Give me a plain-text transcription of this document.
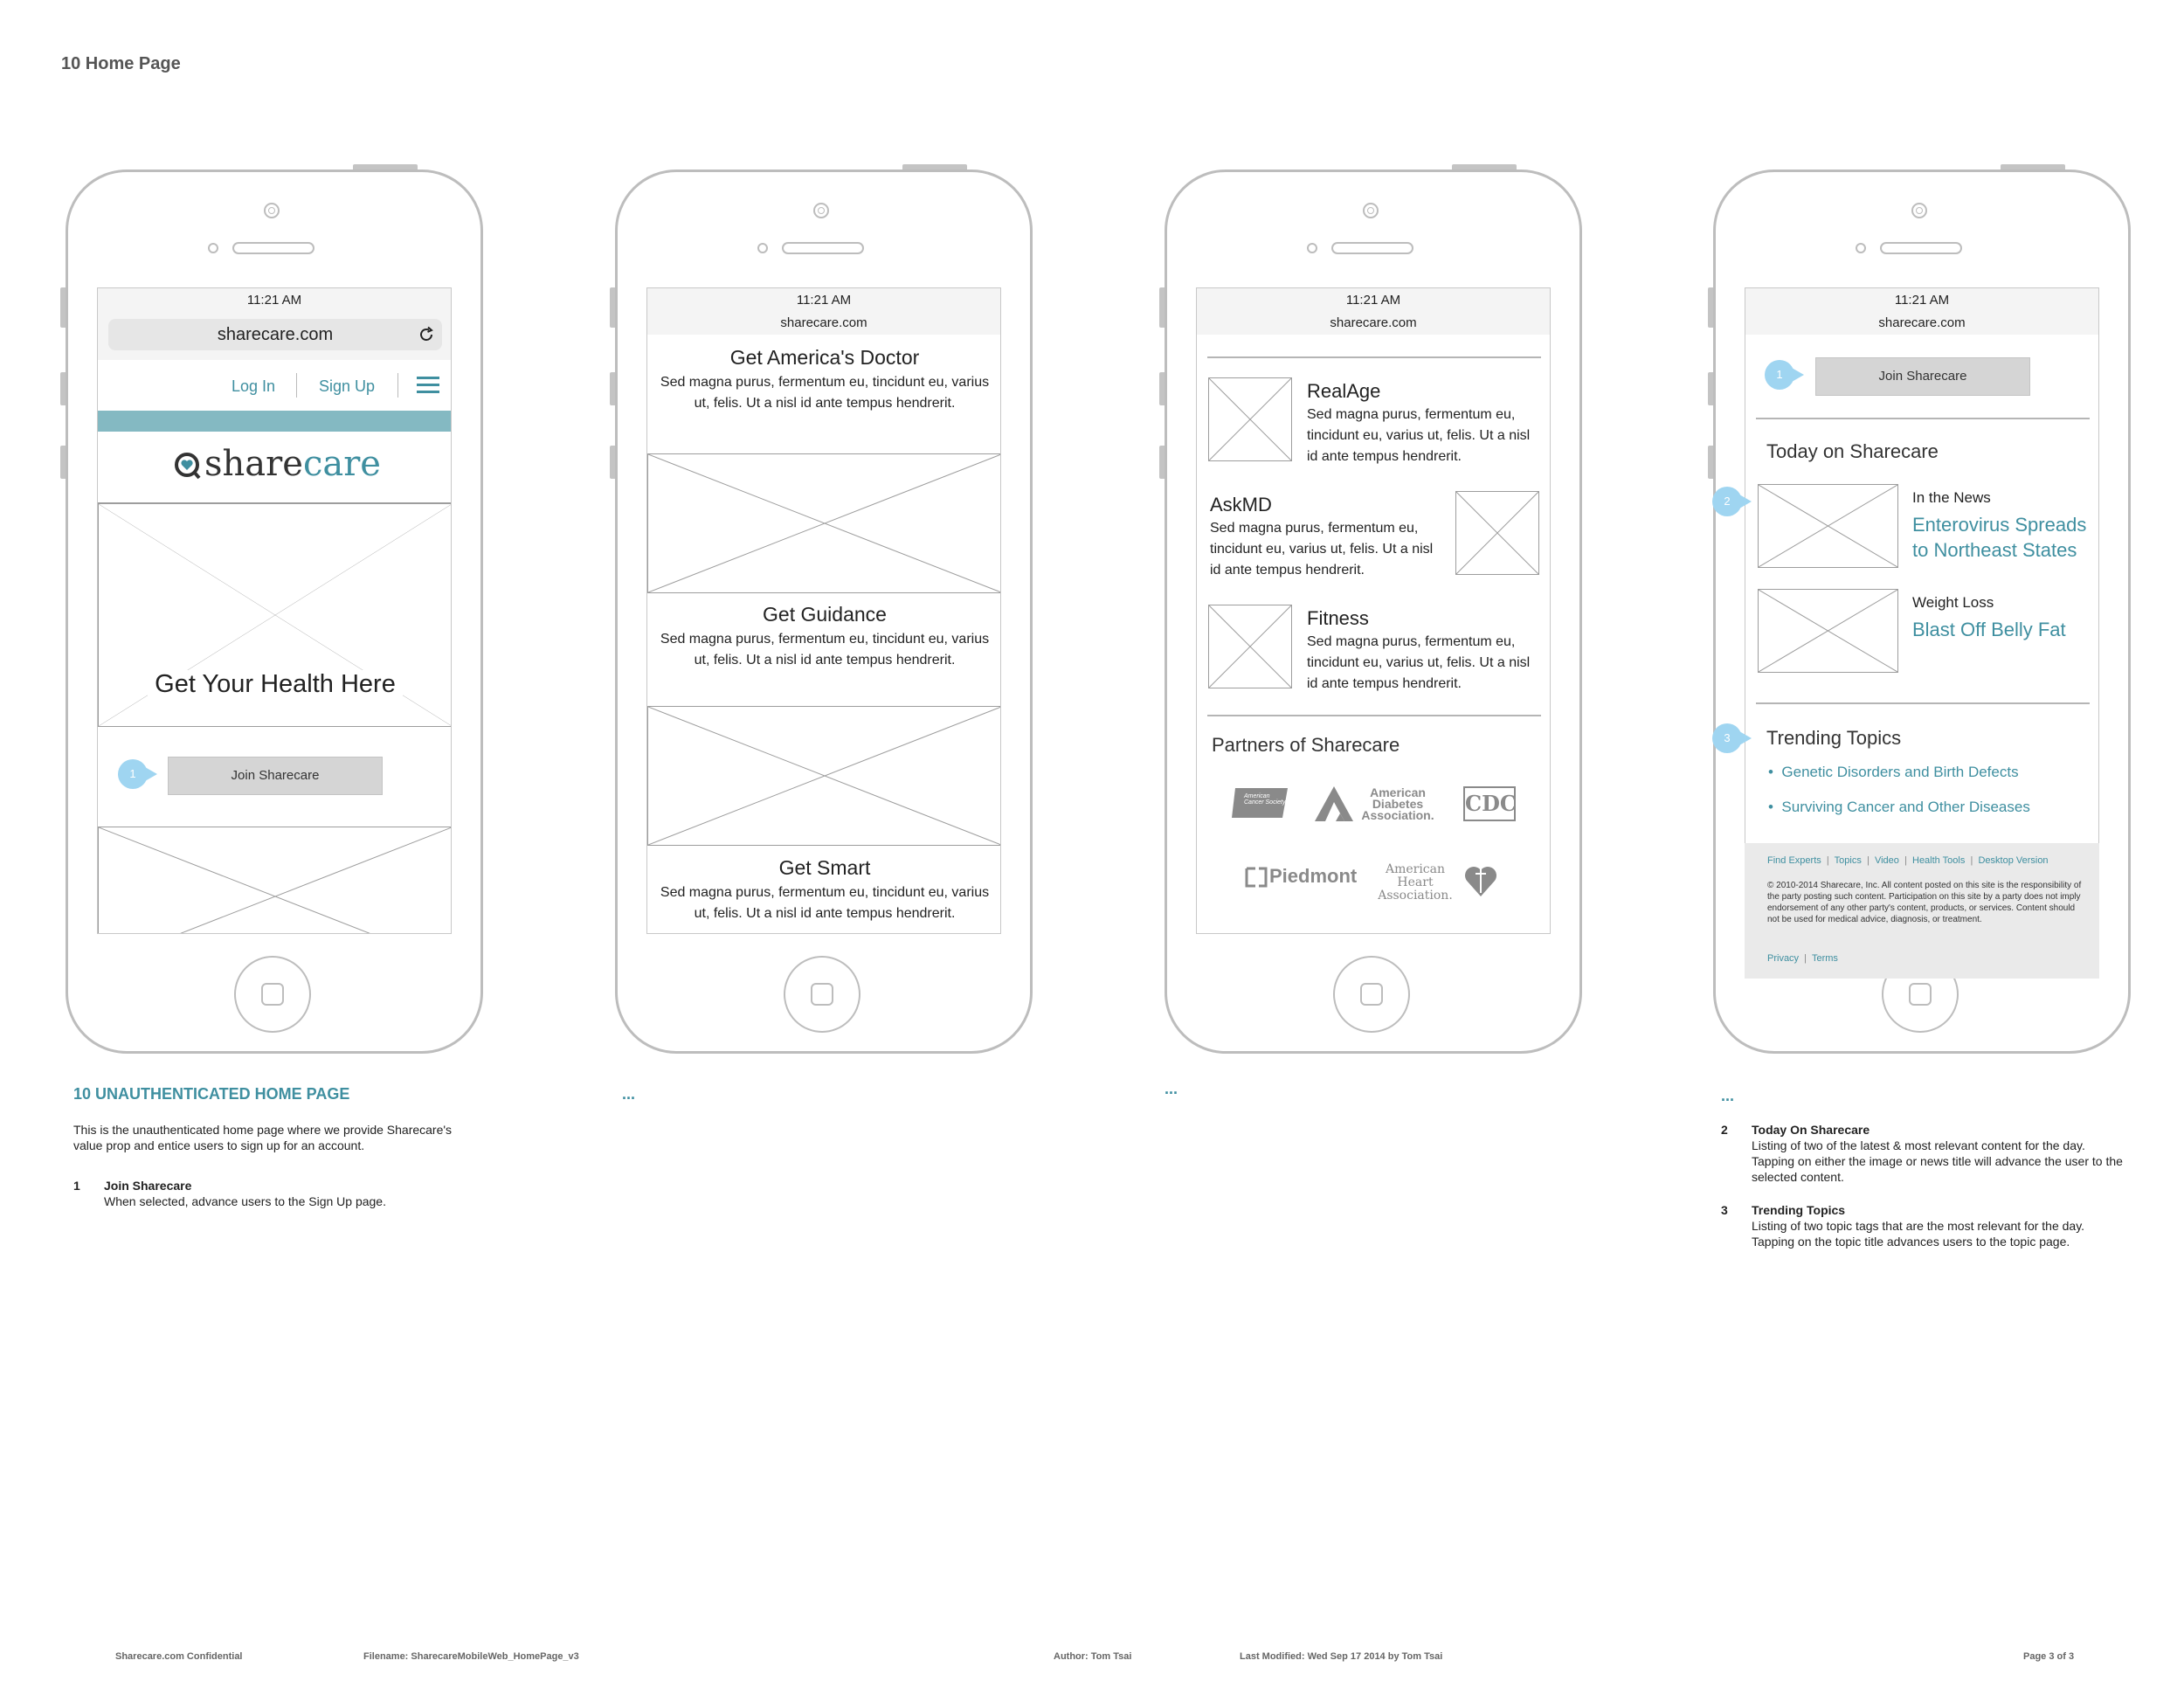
10 Home Page
11:21 AM
sharecare.com
Log In	Sign Up
sharecare
Get Your Health Here
1	Join Sharecare
11:21 AM
sharecare.com
Get America's Doctor
Sed magna purus, fermentum eu, tincidunt eu, varius ut, felis. Ut a nisl id ante tempus hendrerit.
Get Guidance
Sed magna purus, fermentum eu, tincidunt eu, varius ut, felis. Ut a nisl id ante tempus hendrerit.
Get Smart
Sed magna purus, fermentum eu, tincidunt eu, varius ut, felis. Ut a nisl id ante tempus hendrerit.
11:21 AM
sharecare.com
RealAge
Sed magna purus, fermentum eu, tincidunt eu, varius ut, felis. Ut a nisl id ante tempus hendrerit.
AskMD
Sed magna purus, fermentum eu, tincidunt eu, varius ut, felis. Ut a nisl id ante tempus hendrerit.
Fitness
Sed magna purus, fermentum eu, tincidunt eu, varius ut, felis. Ut a nisl id ante tempus hendrerit.
Partners of Sharecare
American Cancer Society
American Diabetes Association. CDC
Piedmont	American Heart Association.
11:21 AM
sharecare.com
1	Join Sharecare
Today on Sharecare
2	In the News
Enterovirus Spreads to Northeast States
Weight Loss
Blast Off Belly Fat
3	Trending Topics
•  Genetic Disorders and Birth Defects
•  Surviving Cancer and Other Diseases
Find Experts  |  Topics  |  Video  |  Health Tools  |  Desktop Version
© 2010-2014 Sharecare, Inc. All content posted on this site is the responsibility of the party posting such content. Participation on this site by a party does not imply endorsement of any other party's content, products, or services. Content should not be used for medical advice, diagnosis, or treatment.
Privacy  |  Terms
10 UNAUTHENTICATED HOME PAGE
This is the unauthenticated home page where we provide Sharecare's value prop and entice users to sign up for an account.
1 Join Sharecare
When selected, advance users to the Sign Up page.
...	...	...
2 Today On Sharecare
Listing of two of the latest & most relevant content for the day. Tapping on either the image or news title will advance the user to the selected content.
3 Trending Topics
Listing of two topic tags that are the most relevant for the day. Tapping on the topic title advances users to the topic page.
Sharecare.com Confidential	Filename: SharecareMobileWeb_HomePage_v3	Author: Tom Tsai	Last Modified: Wed Sep 17 2014 by Tom Tsai	Page 3 of 3
